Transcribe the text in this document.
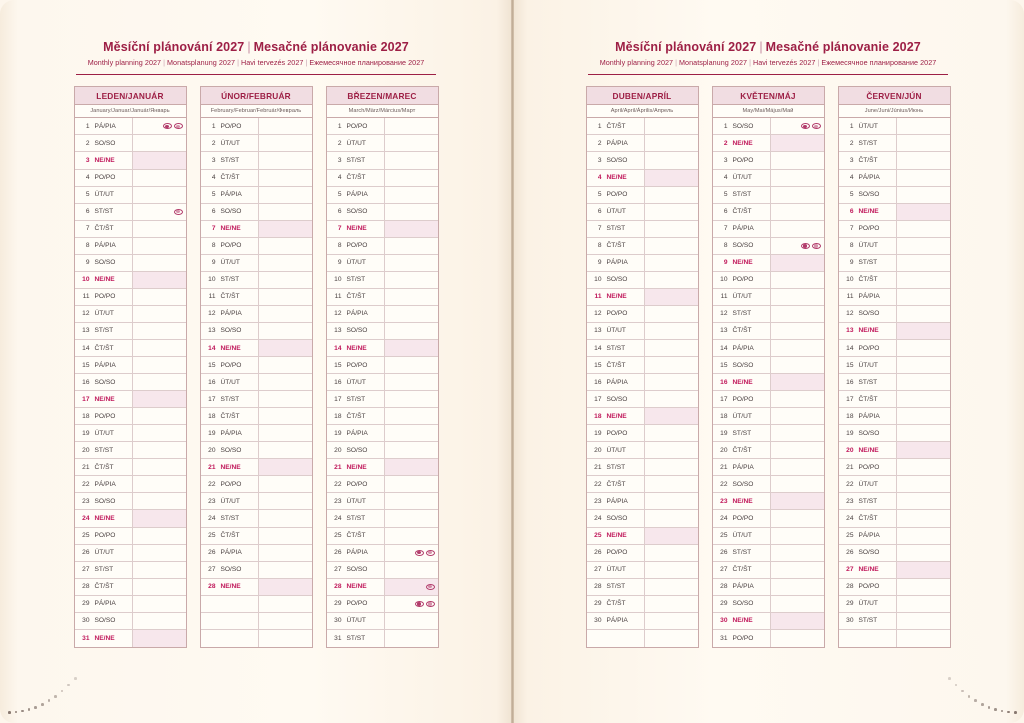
Měsíční plánování 2027 | Mesačné plánovanie 2027
Monthly planning 2027 | Monatsplanung 2027 | Havi tervezés 2027 | Ежемесячное планирование 2027
LEDEN/JANUÁR
January/Januar/Január/Январь
1 PÁ/PIA
2 SO/SO
3 NE/NE
4 PO/PO
5 ÚT/UT
6 ST/ST
7 ČT/ŠT
8 PÁ/PIA
9 SO/SO
10 NE/NE
11 PO/PO
12 ÚT/UT
13 ST/ST
14 ČT/ŠT
15 PÁ/PIA
16 SO/SO
17 NE/NE
18 PO/PO
19 ÚT/UT
20 ST/ST
21 ČT/ŠT
22 PÁ/PIA
23 SO/SO
24 NE/NE
25 PO/PO
26 ÚT/UT
27 ST/ST
28 ČT/ŠT
29 PÁ/PIA
30 SO/SO
31 NE/NE
ÚNOR/FEBRUÁR
February/Februar/Február/Февраль
1 PO/PO
2 ÚT/UT
3 ST/ST
4 ČT/ŠT
5 PÁ/PIA
6 SO/SO
7 NE/NE
8 PO/PO
9 ÚT/UT
10 ST/ST
11 ČT/ŠT
12 PÁ/PIA
13 SO/SO
14 NE/NE
15 PO/PO
16 ÚT/UT
17 ST/ST
18 ČT/ŠT
19 PÁ/PIA
20 SO/SO
21 NE/NE
22 PO/PO
23 ÚT/UT
24 ST/ST
25 ČT/ŠT
26 PÁ/PIA
27 SO/SO
28 NE/NE
BŘEZEN/MAREC
March/März/Március/Март
1 PO/PO
2 ÚT/UT
3 ST/ST
4 ČT/ŠT
5 PÁ/PIA
6 SO/SO
7 NE/NE
8 PO/PO
9 ÚT/UT
10 ST/ST
11 ČT/ŠT
12 PÁ/PIA
13 SO/SO
14 NE/NE
15 PO/PO
16 ÚT/UT
17 ST/ST
18 ČT/ŠT
19 PÁ/PIA
20 SO/SO
21 NE/NE
22 PO/PO
23 ÚT/UT
24 ST/ST
25 ČT/ŠT
26 PÁ/PIA
27 SO/SO
28 NE/NE
29 PO/PO
30 ÚT/UT
31 ST/ST
Měsíční plánování 2027 | Mesačné plánovanie 2027
Monthly planning 2027 | Monatsplanung 2027 | Havi tervezés 2027 | Ежемесячное планирование 2027
DUBEN/APRÍL
April/April/Április/Апрель
1 ČT/ŠT
2 PÁ/PIA
3 SO/SO
4 NE/NE
5 PO/PO
6 ÚT/UT
7 ST/ST
8 ČT/ŠT
9 PÁ/PIA
10 SO/SO
11 NE/NE
12 PO/PO
13 ÚT/UT
14 ST/ST
15 ČT/ŠT
16 PÁ/PIA
17 SO/SO
18 NE/NE
19 PO/PO
20 ÚT/UT
21 ST/ST
22 ČT/ŠT
23 PÁ/PIA
24 SO/SO
25 NE/NE
26 PO/PO
27 ÚT/UT
28 ST/ST
29 ČT/ŠT
30 PÁ/PIA
KVĚTEN/MÁJ
May/Mai/Május/Май
1 SO/SO
2 NE/NE
3 PO/PO
4 ÚT/UT
5 ST/ST
6 ČT/ŠT
7 PÁ/PIA
8 SO/SO
9 NE/NE
10 PO/PO
11 ÚT/UT
12 ST/ST
13 ČT/ŠT
14 PÁ/PIA
15 SO/SO
16 NE/NE
17 PO/PO
18 ÚT/UT
19 ST/ST
20 ČT/ŠT
21 PÁ/PIA
22 SO/SO
23 NE/NE
24 PO/PO
25 ÚT/UT
26 ST/ST
27 ČT/ŠT
28 PÁ/PIA
29 SO/SO
30 NE/NE
31 PO/PO
ČERVEN/JÚN
June/Juni/Június/Июнь
1 ÚT/UT
2 ST/ST
3 ČT/ŠT
4 PÁ/PIA
5 SO/SO
6 NE/NE
7 PO/PO
8 ÚT/UT
9 ST/ST
10 ČT/ŠT
11 PÁ/PIA
12 SO/SO
13 NE/NE
14 PO/PO
15 ÚT/UT
16 ST/ST
17 ČT/ŠT
18 PÁ/PIA
19 SO/SO
20 NE/NE
21 PO/PO
22 ÚT/UT
23 ST/ST
24 ČT/ŠT
25 PÁ/PIA
26 SO/SO
27 NE/NE
28 PO/PO
29 ÚT/UT
30 ST/ST
